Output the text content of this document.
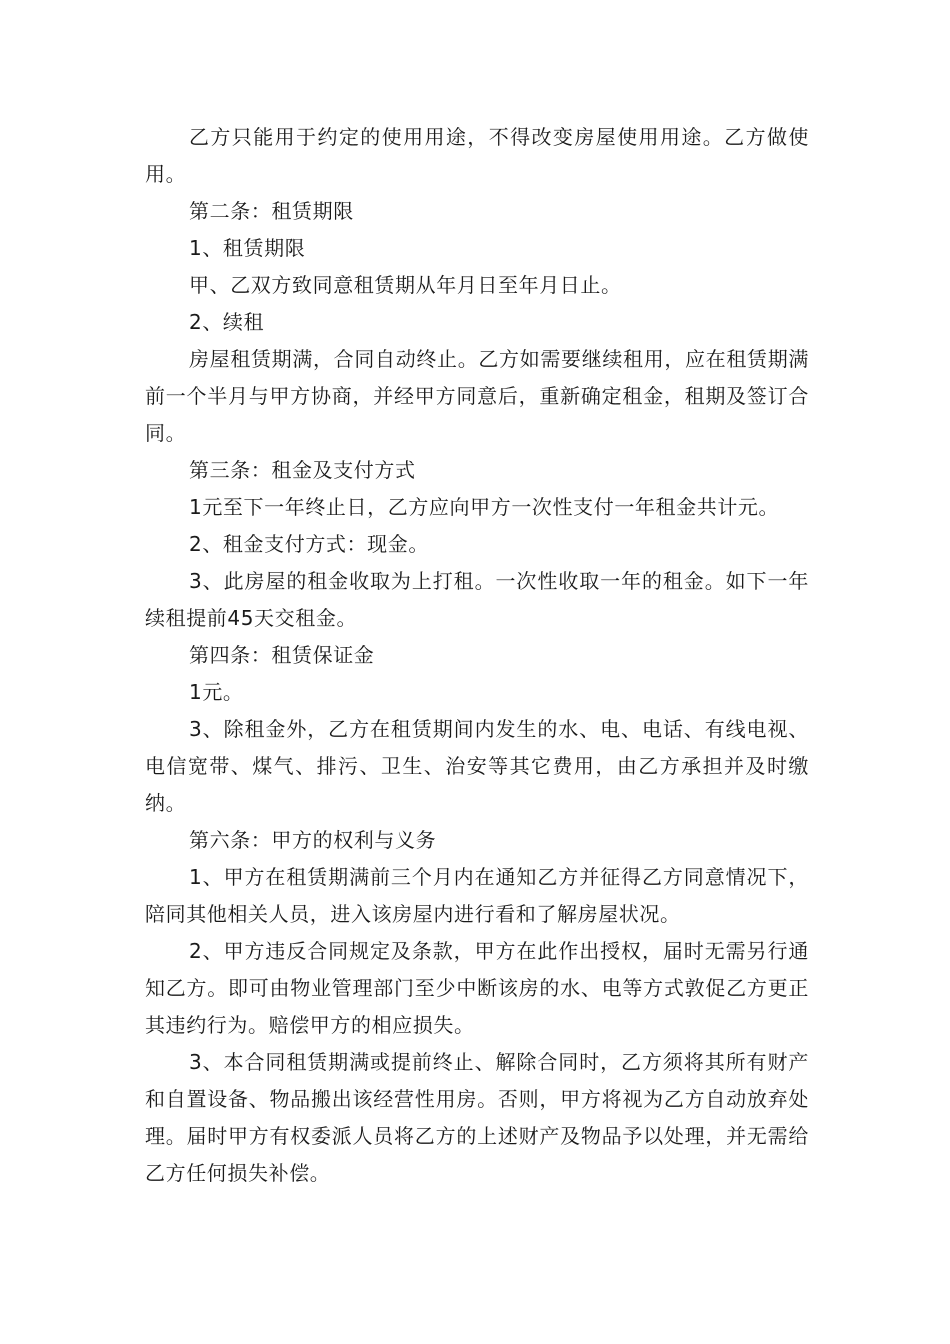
乙方只能用于约定的使用用途，不得改变房屋使用用途。乙方做使用。

第二条：租赁期限

1、租赁期限

甲、乙双方致同意租赁期从年月日至年月日止。

2、续租

房屋租赁期满，合同自动终止。乙方如需要继续租用，应在租赁期满前一个半月与甲方协商，并经甲方同意后，重新确定租金，租期及签订合同。

第三条：租金及支付方式

1元至下一年终止日，乙方应向甲方一次性支付一年租金共计元。

2、租金支付方式：现金。

3、此房屋的租金收取为上打租。一次性收取一年的租金。如下一年续租提前45天交租金。

第四条：租赁保证金

1元。

3、除租金外，乙方在租赁期间内发生的水、电、电话、有线电视、电信宽带、煤气、排污、卫生、治安等其它费用，由乙方承担并及时缴纳。

第六条：甲方的权利与义务

1、甲方在租赁期满前三个月内在通知乙方并征得乙方同意情况下，陪同其他相关人员，进入该房屋内进行看和了解房屋状况。

2、甲方违反合同规定及条款，甲方在此作出授权，届时无需另行通知乙方。即可由物业管理部门至少中断该房的水、电等方式敦促乙方更正其违约行为。赔偿甲方的相应损失。

3、本合同租赁期满或提前终止、解除合同时，乙方须将其所有财产和自置设备、物品搬出该经营性用房。否则，甲方将视为乙方自动放弃处理。届时甲方有权委派人员将乙方的上述财产及物品予以处理，并无需给乙方任何损失补偿。
